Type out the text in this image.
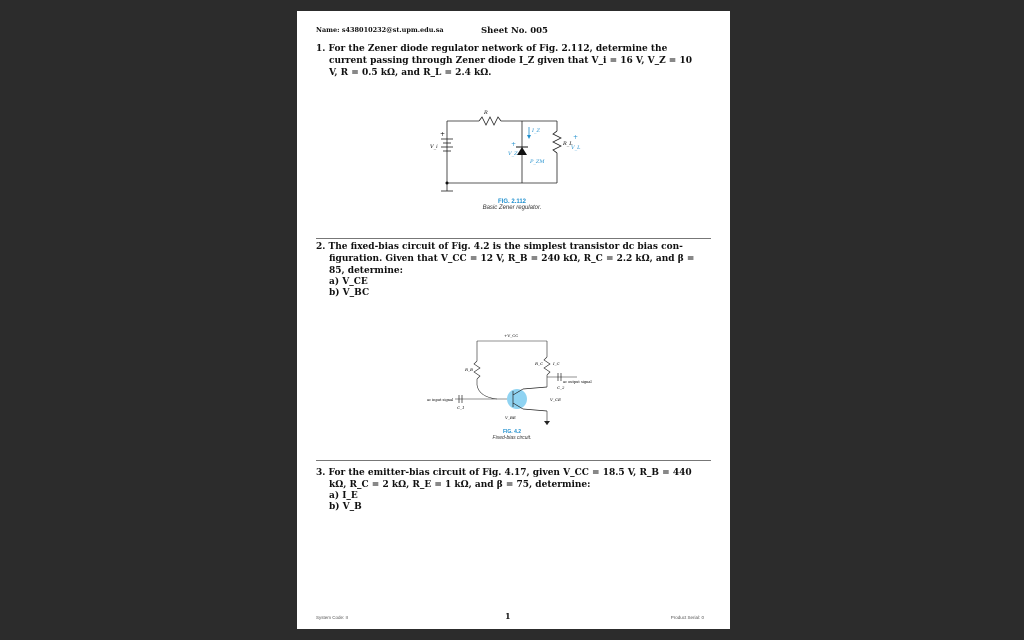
Name: s438010232@st.upm.edu.sa	Sheet No. 005
1. For the Zener diode regulator network of Fig. 2.112, determine the
current passing through Zener diode I_Z given that V_i = 16 V, V_Z = 10
V, R = 0.5 kΩ, and R_L = 2.4 kΩ.
R
I_Z
V_i
+
V_Z
+
P_ZM
R_L
+
V_L
FIG. 2.112
Basic Zener regulator.
2. The fixed-bias circuit of Fig. 4.2 is the simplest transistor dc bias con-
figuration. Given that V_CC = 12 V, R_B = 240 kΩ, R_C = 2.2 kΩ, and β =
85, determine:
a) V_CE
b) V_BC
+V_CC
R_B
R_C I_C
ac input signal
ac output signal
C_1
C_2
V_CE
V_BE
FIG. 4.2
Fixed-bias circuit.
3. For the emitter-bias circuit of Fig. 4.17, given V_CC = 18.5 V, R_B = 440
kΩ, R_C = 2 kΩ, R_E = 1 kΩ, and β = 75, determine:
a) I_E
b) V_B
System Code: II	1	Product Serial: 0
